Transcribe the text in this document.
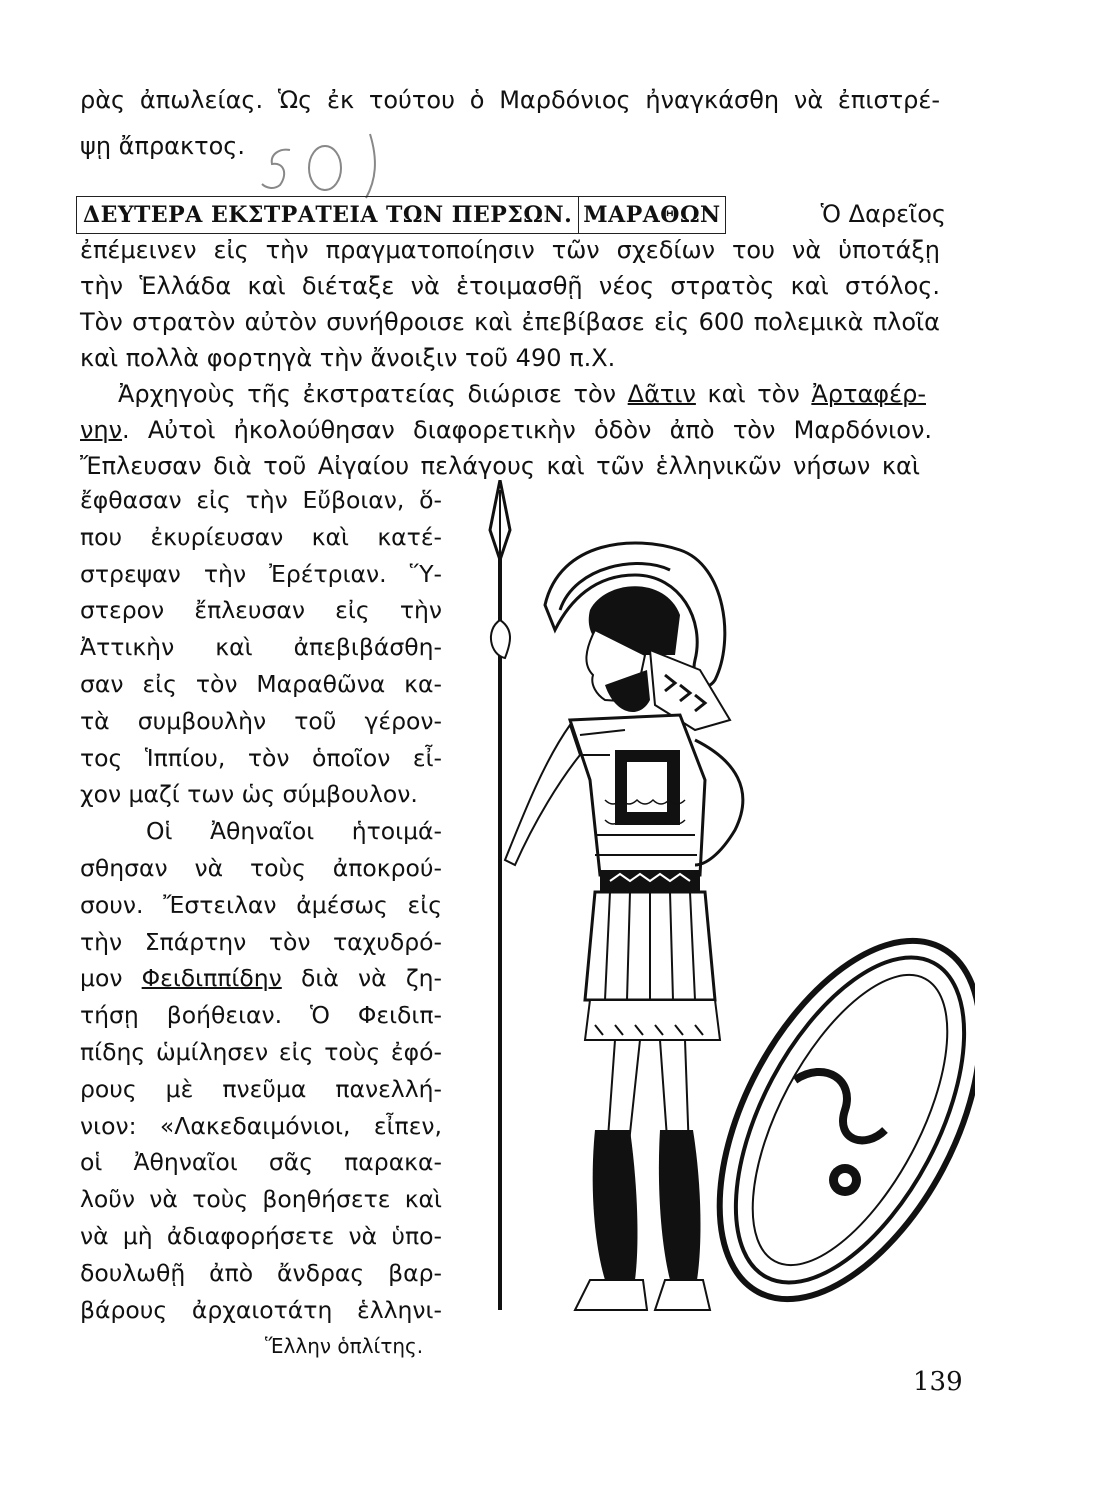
ρὰς ἀπωλείας. Ὡς ἐκ τούτου ὁ Μαρδόνιος ἠναγκάσθη νὰ ἐπιστρέ-
ψῃ ἄπρακτος.
ΔΕΥΤΕΡΑ ΕΚΣΤΡΑΤΕΙΑ ΤΩΝ ΠΕΡΣΩΝ. ΜΑΡΑΘΩΝ	Ὁ Δαρεῖος
ἐπέμεινεν εἰς τὴν πραγματοποίησιν τῶν σχεδίων του νὰ ὑποτάξῃ
τὴν Ἑλλάδα καὶ διέταξε νὰ ἑτοιμασθῇ νέος στρατὸς καὶ στόλος.
Τὸν στρατὸν αὐτὸν συνήθροισε καὶ ἐπεβίβασε εἰς 600 πολεμικὰ πλοῖα
καὶ πολλὰ φορτηγὰ τὴν ἄνοιξιν τοῦ 490 π.Χ.
Ἀρχηγοὺς τῆς ἐκστρατείας διώρισε τὸν Δᾶτιν καὶ τὸν Ἀρταφέρ-
νην. Αὐτοὶ ἠκολούθησαν διαφορετικὴν ὁδὸν ἀπὸ τὸν Μαρδόνιον.
Ἔπλευσαν διὰ τοῦ Αἰγαίου πελάγους καὶ τῶν ἑλληνικῶν νήσων καὶ
ἔφθασαν εἰς τὴν Εὔβοιαν, ὅ-
που ἐκυρίευσαν καὶ κατέ-
στρεψαν τὴν Ἐρέτριαν. Ὕ-
στερον ἔπλευσαν εἰς τὴν
Ἀττικὴν καὶ ἀπεβιβάσθη-
σαν εἰς τὸν Μαραθῶνα κα-
τὰ συμβουλὴν τοῦ γέρον-
τος Ἱππίου, τὸν ὁποῖον εἶ-
χον μαζί των ὡς σύμβουλον.
Οἱ Ἀθηναῖοι ἡτοιμά-
σθησαν νὰ τοὺς ἀποκρού-
σουν. Ἔστειλαν ἀμέσως εἰς
τὴν Σπάρτην τὸν ταχυδρό-
μον Φειδιππίδην διὰ νὰ ζη-
τήσῃ βοήθειαν. Ὁ Φειδιπ-
πίδης ὡμίλησεν εἰς τοὺς ἐφό-
ρους μὲ πνεῦμα πανελλή-
νιον: «Λακεδαιμόνιοι, εἶπεν,
οἱ Ἀθηναῖοι σᾶς παρακα-
λοῦν νὰ τοὺς βοηθήσετε καὶ
νὰ μὴ ἀδιαφορήσετε νὰ ὑπο-
δουλωθῇ ἀπὸ ἄνδρας βαρ-
βάρους ἀρχαιοτάτη ἑλληνι-
Ἕλλην ὁπλίτης.
139
